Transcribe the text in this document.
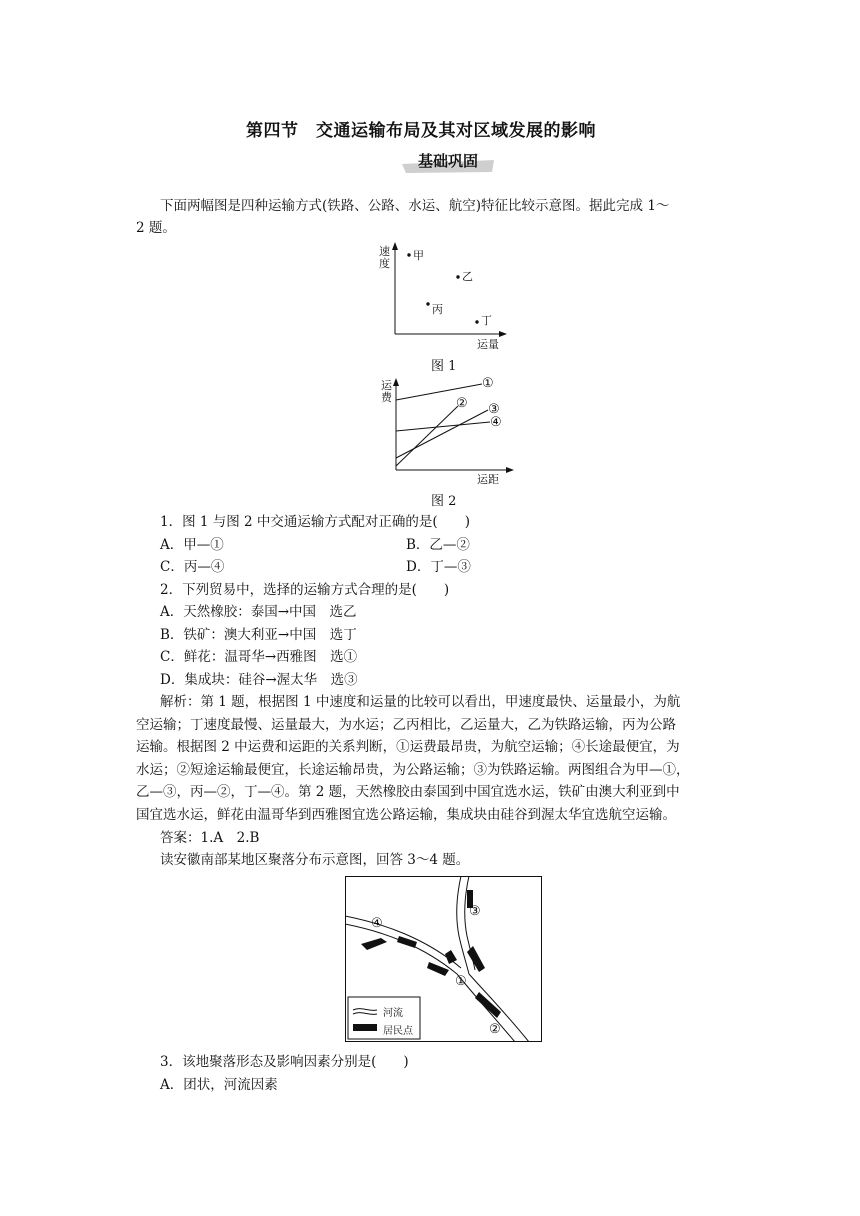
第四节　交通运输布局及其对区域发展的影响
基础巩固
下面两幅图是四种运输方式(铁路、公路、水运、航空)特征比较示意图。据此完成 1～
2 题。
速度
运量
甲
乙
丙
丁
图 1
运费
运距
①
② ③
④
图 2
1．图 1 与图 2 中交通运输方式配对正确的是(　　)
A．甲—①	B．乙—②
C．丙—④	D．丁—③
2．下列贸易中，选择的运输方式合理的是(　　)
A．天然橡胶：泰国→中国　选乙
B．铁矿：澳大利亚→中国　选丁
C．鲜花：温哥华→西雅图　选①
D．集成块：硅谷→渥太华　选③
解析：第 1 题，根据图 1 中速度和运量的比较可以看出，甲速度最快、运量最小，为航
空运输；丁速度最慢、运量最大，为水运；乙丙相比，乙运量大，乙为铁路运输，丙为公路
运输。根据图 2 中运费和运距的关系判断，①运费最昂贵，为航空运输；④长途最便宜，为
水运；②短途运输最便宜，长途运输昂贵，为公路运输；③为铁路运输。两图组合为甲—①，
乙—③，丙—②，丁—④。第 2 题，天然橡胶由泰国到中国宜选水运，铁矿由澳大利亚到中
国宜选水运，鲜花由温哥华到西雅图宜选公路运输，集成块由硅谷到渥太华宜选航空运输。
答案：1.A　2.B
读安徽南部某地区聚落分布示意图，回答 3～4 题。
④
③
①
②
河流
居民点
3．该地聚落形态及影响因素分别是(　　)
A．团状，河流因素
